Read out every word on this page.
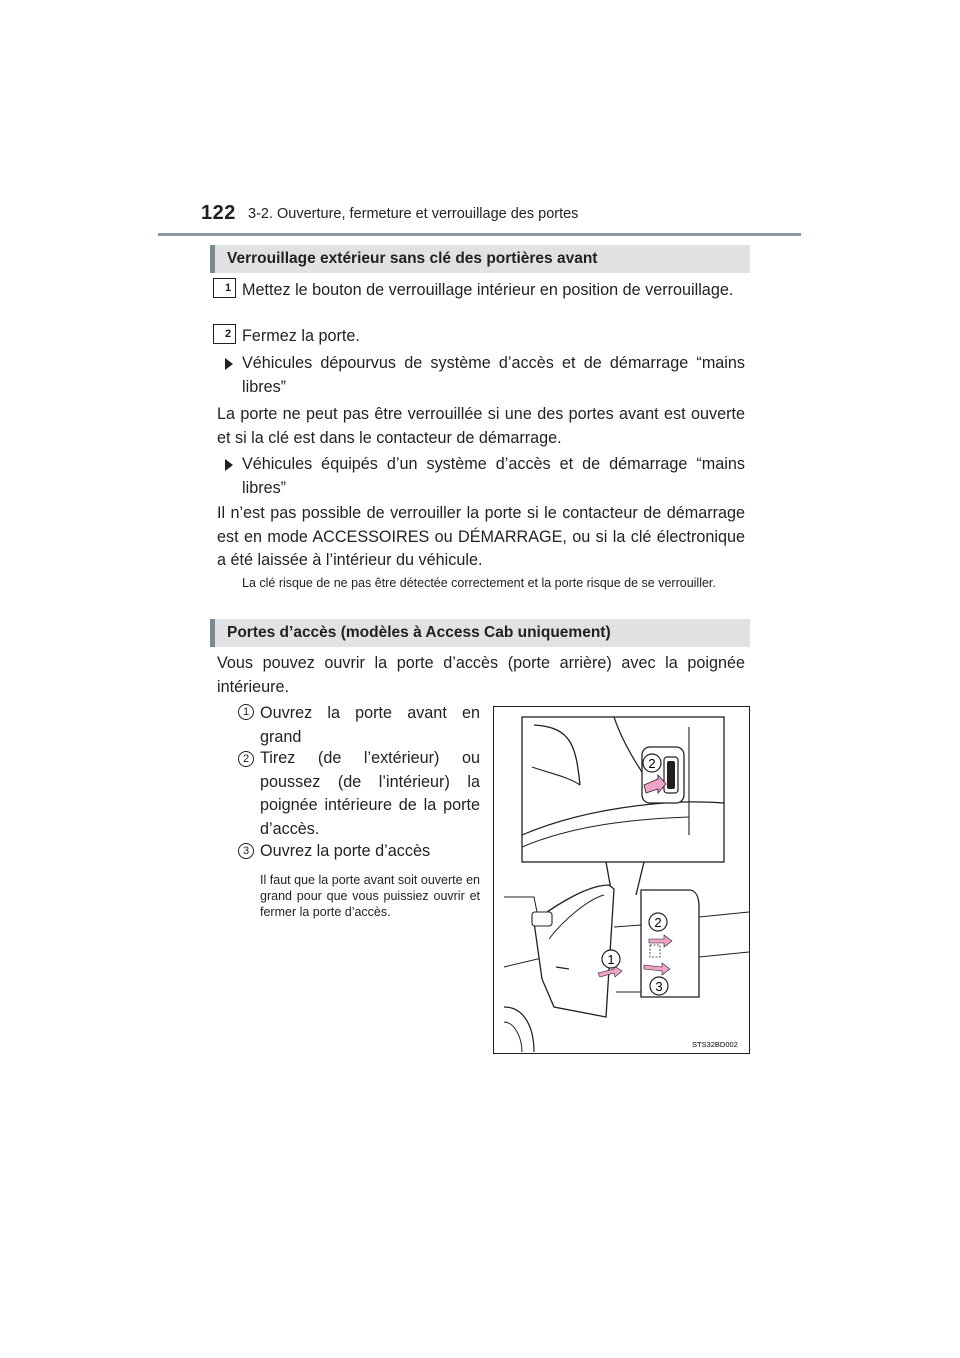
122 3-2. Ouverture, fermeture et verrouillage des portes
Verrouillage extérieur sans clé des portières avant
1 Mettez le bouton de verrouillage intérieur en position de verrouillage.
2 Fermez la porte.
Véhicules dépourvus de système d’accès et de démarrage “mains libres”
La porte ne peut pas être verrouillée si une des portes avant est ouverte et si la clé est dans le contacteur de démarrage.
Véhicules équipés d’un système d’accès et de démarrage “mains libres”
Il n’est pas possible de verrouiller la porte si le contacteur de démarrage est en mode ACCESSOIRES ou DÉMARRAGE, ou si la clé électronique a été laissée à l’intérieur du véhicule.
La clé risque de ne pas être détectée correctement et la porte risque de se verrouiller.
Portes d’accès (modèles à Access Cab uniquement)
Vous pouvez ouvrir la porte d’accès (porte arrière) avec la poignée intérieure.
1 Ouvrez la porte avant en grand
2 Tirez (de l’extérieur) ou poussez (de l’intérieur) la poignée intérieure de la porte d’accès.
3 Ouvrez la porte d’accès
Il faut que la porte avant soit ouverte en grand pour que vous puissiez ouvrir et fermer la porte d’accès.
2
2
1
3
STS32BD002
